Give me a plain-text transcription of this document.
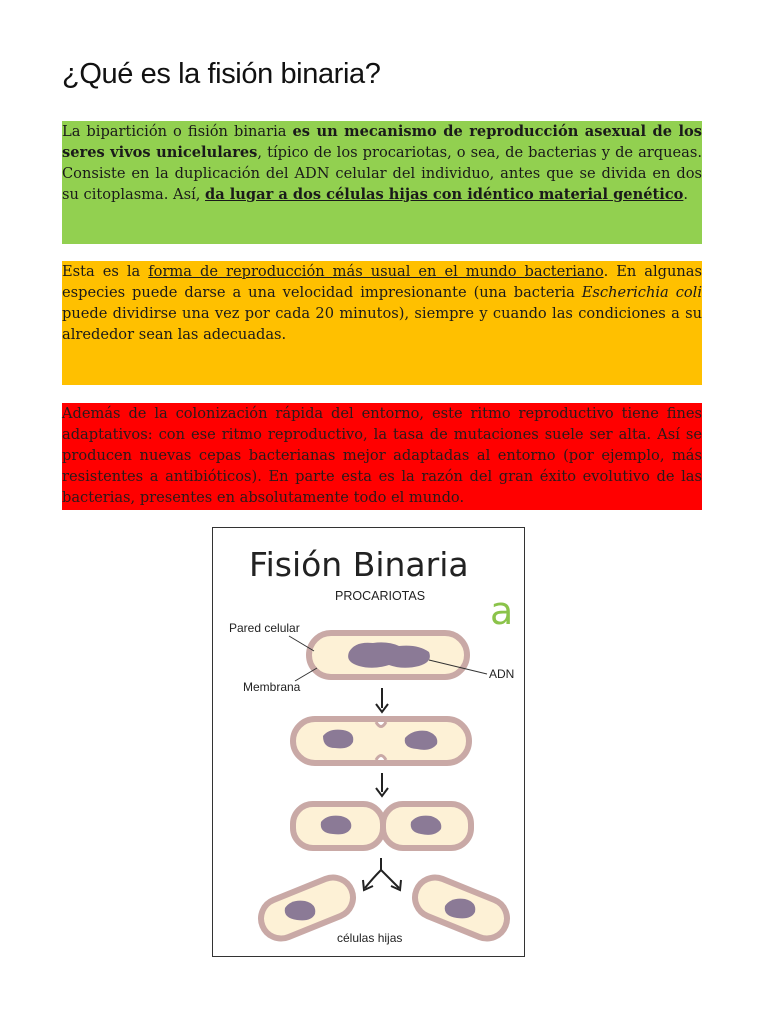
¿Qué es la fisión binaria?

La bipartición o fisión binaria es un mecanismo de reproducción asexual de los seres vivos unicelulares, típico de los procariotas, o sea, de bacterias y de arqueas. Consiste en la duplicación del ADN celular del individuo, antes que se divida en dos su citoplasma. Así, da lugar a dos células hijas con idéntico material genético.

Esta es la forma de reproducción más usual en el mundo bacteriano. En algunas especies puede darse a una velocidad impresionante (una bacteria Escherichia coli puede dividirse una vez por cada 20 minutos), siempre y cuando las condiciones a su alrededor sean las adecuadas.

Además de la colonización rápida del entorno, este ritmo reproductivo tiene fines adaptativos: con ese ritmo reproductivo, la tasa de mutaciones suele ser alta. Así se producen nuevas cepas bacterianas mejor adaptadas al entorno (por ejemplo, más resistentes a antibióticos). En parte esta es la razón del gran éxito evolutivo de las bacterias, presentes en absolutamente todo el mundo.

Fisión Binaria
PROCARIOTAS a
Pared celular
Membrana
ADN
células hijas
